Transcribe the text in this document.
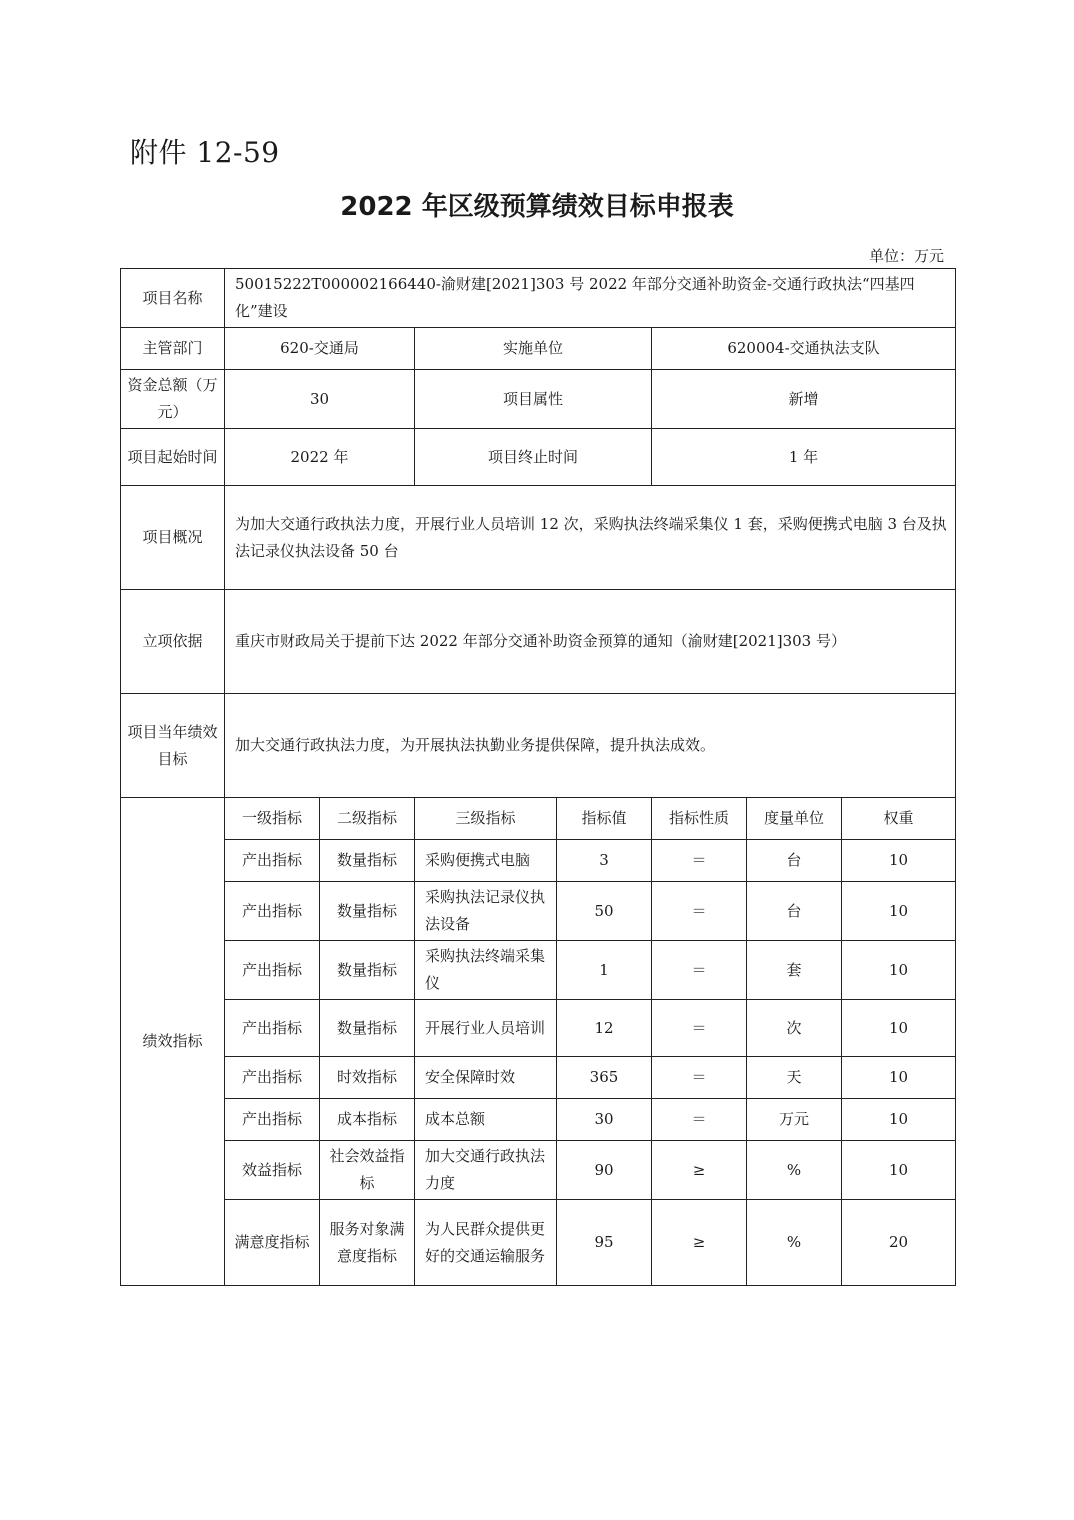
附件 12-59
2022 年区级预算绩效目标申报表
单位：万元
项目名称	50015222T000002166440-渝财建[2021]303 号 2022 年部分交通补助资金-交通行政执法“四基四化”建设						
主管部门	620-交通局		实施单位		620004-交通执法支队		
资金总额（万元）	30		项目属性		新增		
项目起始时间	2022 年		项目终止时间		1 年		
项目概况	为加大交通行政执法力度，开展行业人员培训 12 次，采购执法终端采集仪 1 套，采购便携式电脑 3 台及执法记录仪执法设备 50 台						
立项依据	重庆市财政局关于提前下达 2022 年部分交通补助资金预算的通知（渝财建[2021]303 号）						
项目当年绩效目标	加大交通行政执法力度，为开展执法执勤业务提供保障，提升执法成效。						
绩效指标	一级指标	二级指标	三级指标	指标值	指标性质	度量单位	权重
	产出指标	数量指标	采购便携式电脑	3	＝	台	10
	产出指标	数量指标	采购执法记录仪执法设备	50	＝	台	10
	产出指标	数量指标	采购执法终端采集仪	1	＝	套	10
	产出指标	数量指标	开展行业人员培训	12	＝	次	10
	产出指标	时效指标	安全保障时效	365	＝	天	10
	产出指标	成本指标	成本总额	30	＝	万元	10
	效益指标	社会效益指标	加大交通行政执法力度	90	≥	%	10
	满意度指标	服务对象满意度指标	为人民群众提供更好的交通运输服务	95	≥	%	20
